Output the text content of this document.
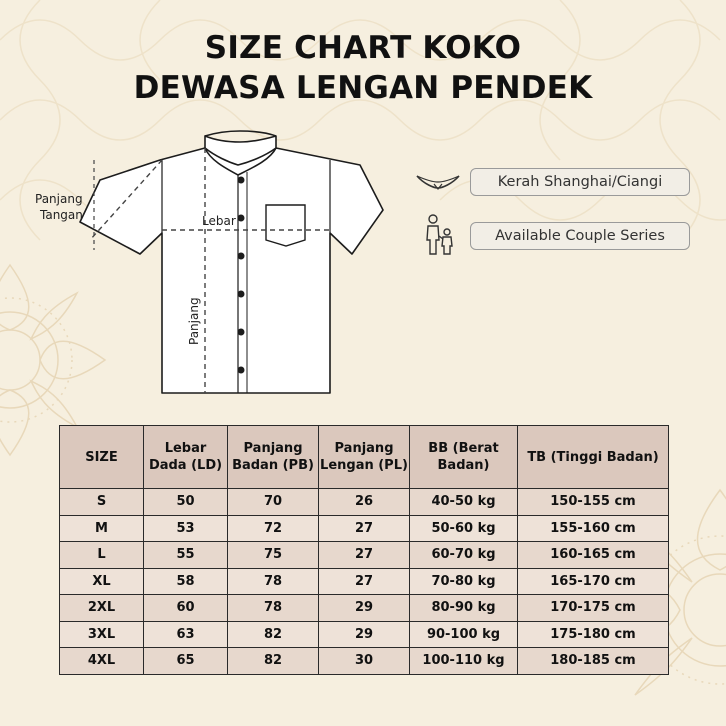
SIZE CHART KOKO
DEWASA LENGAN PENDEK
Lebar
Panjang
Panjang
Tangan
Kerah Shanghai/Ciangi
Available Couple Series
SIZE	Lebar Dada (LD)	Panjang Badan (PB)	Panjang Lengan (PL)	BB (Berat Badan)	TB (Tinggi Badan)
S	50	70	26	40-50 kg	150-155 cm
M	53	72	27	50-60 kg	155-160 cm
L	55	75	27	60-70 kg	160-165 cm
XL	58	78	27	70-80 kg	165-170 cm
2XL	60	78	29	80-90 kg	170-175 cm
3XL	63	82	29	90-100 kg	175-180 cm
4XL	65	82	30	100-110 kg	180-185 cm
